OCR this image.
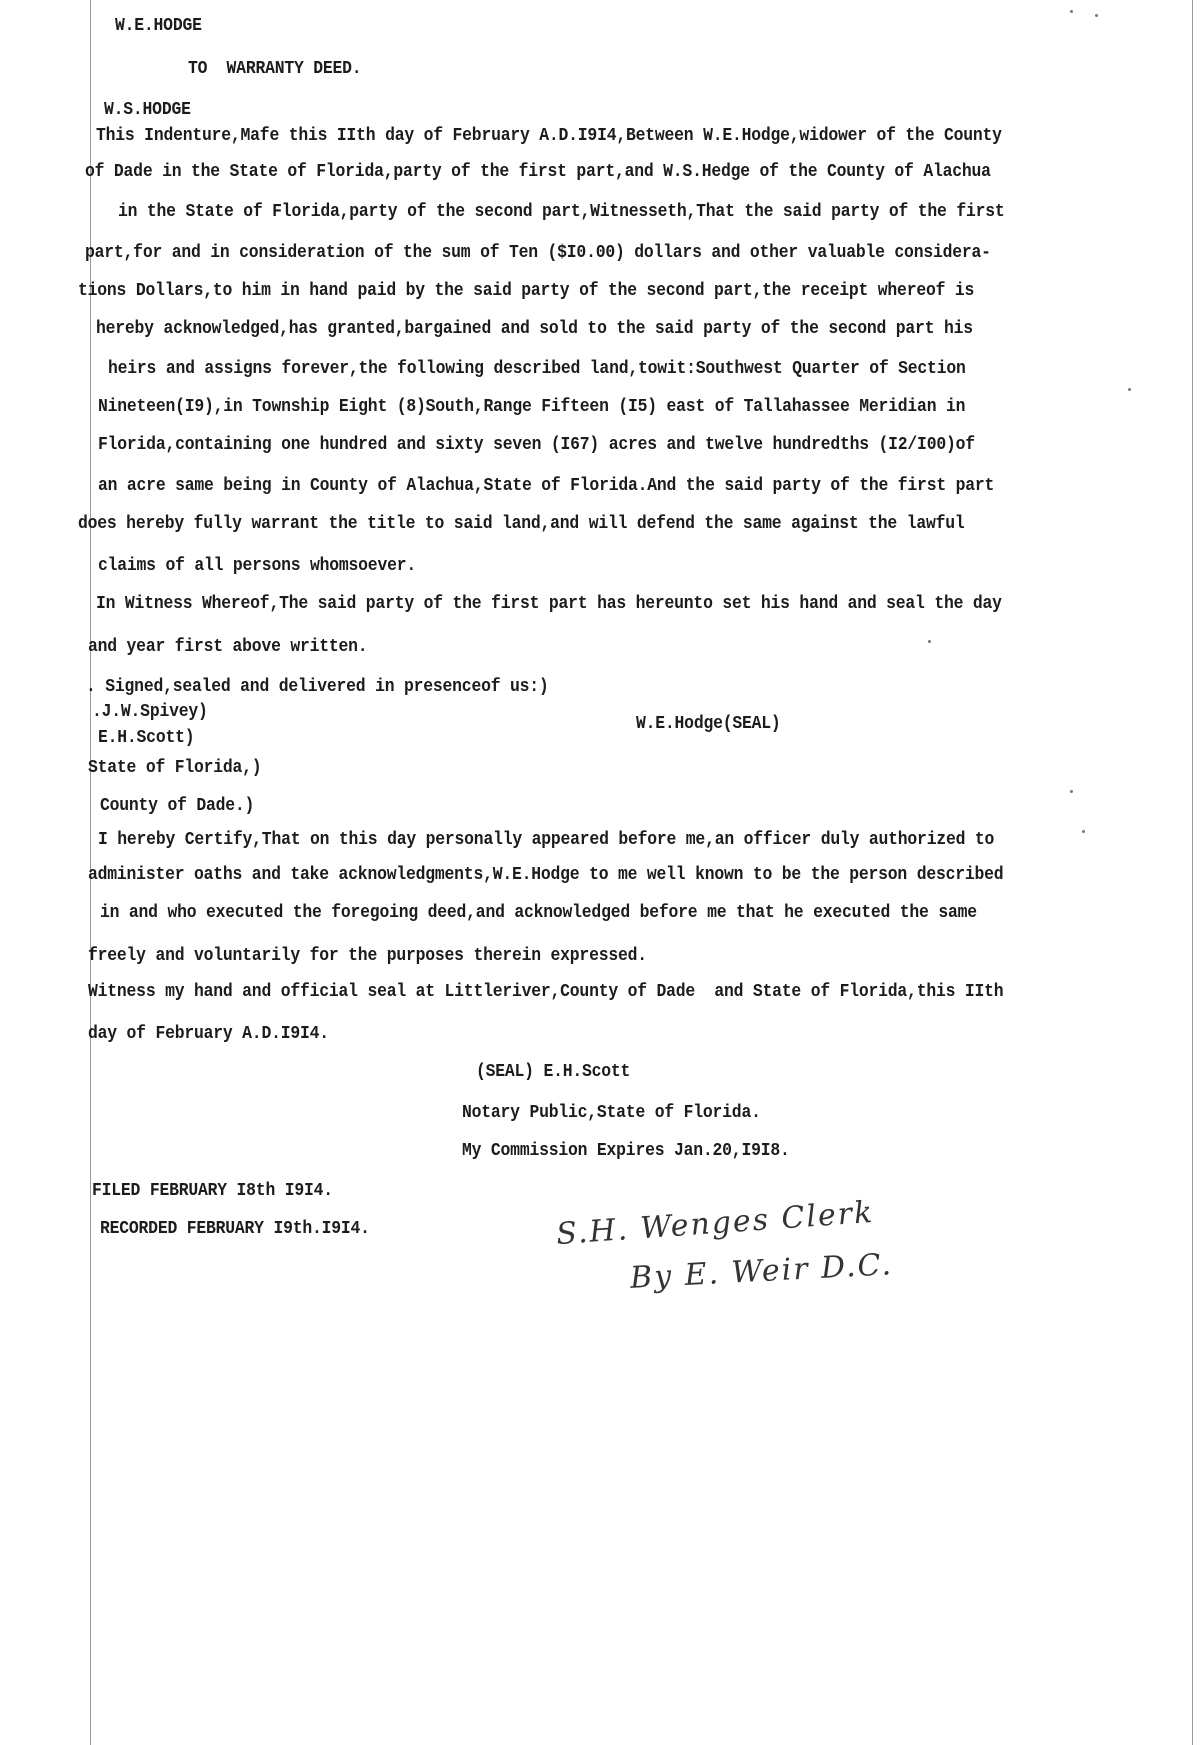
W.E.HODGE
TO  WARRANTY DEED.
W.S.HODGE
This Indenture,Mafe this IIth day of February A.D.I9I4,Between W.E.Hodge,widower of the County
of Dade in the State of Florida,party of the first part,and W.S.Hedge of the County of Alachua
in the State of Florida,party of the second part,Witnesseth,That the said party of the first
part,for and in consideration of the sum of Ten ($I0.00) dollars and other valuable considera-
tions Dollars,to him in hand paid by the said party of the second part,the receipt whereof is
hereby acknowledged,has granted,bargained and sold to the said party of the second part his
heirs and assigns forever,the following described land,towit:Southwest Quarter of Section
Nineteen(I9),in Township Eight (8)South,Range Fifteen (I5) east of Tallahassee Meridian in
Florida,containing one hundred and sixty seven (I67) acres and twelve hundredths (I2/I00)of
an acre same being in County of Alachua,State of Florida.And the said party of the first part
does hereby fully warrant the title to said land,and will defend the same against the lawful
claims of all persons whomsoever.
In Witness Whereof,The said party of the first part has hereunto set his hand and seal the day
and year first above written.
. Signed,sealed and delivered in presenceof us:)
.J.W.Spivey)
W.E.Hodge(SEAL)
E.H.Scott)
State of Florida,)
County of Dade.)
I hereby Certify,That on this day personally appeared before me,an officer duly authorized to
administer oaths and take acknowledgments,W.E.Hodge to me well known to be the person described
in and who executed the foregoing deed,and acknowledged before me that he executed the same
freely and voluntarily for the purposes therein expressed.
Witness my hand and official seal at Littleriver,County of Dade  and State of Florida,this IIth
day of February A.D.I9I4.
(SEAL) E.H.Scott
Notary Public,State of Florida.
My Commission Expires Jan.20,I9I8.
FILED FEBRUARY I8th I9I4.
RECORDED FEBRUARY I9th.I9I4.	S.H. Wenges Clerk
By E. Weir D.C.
